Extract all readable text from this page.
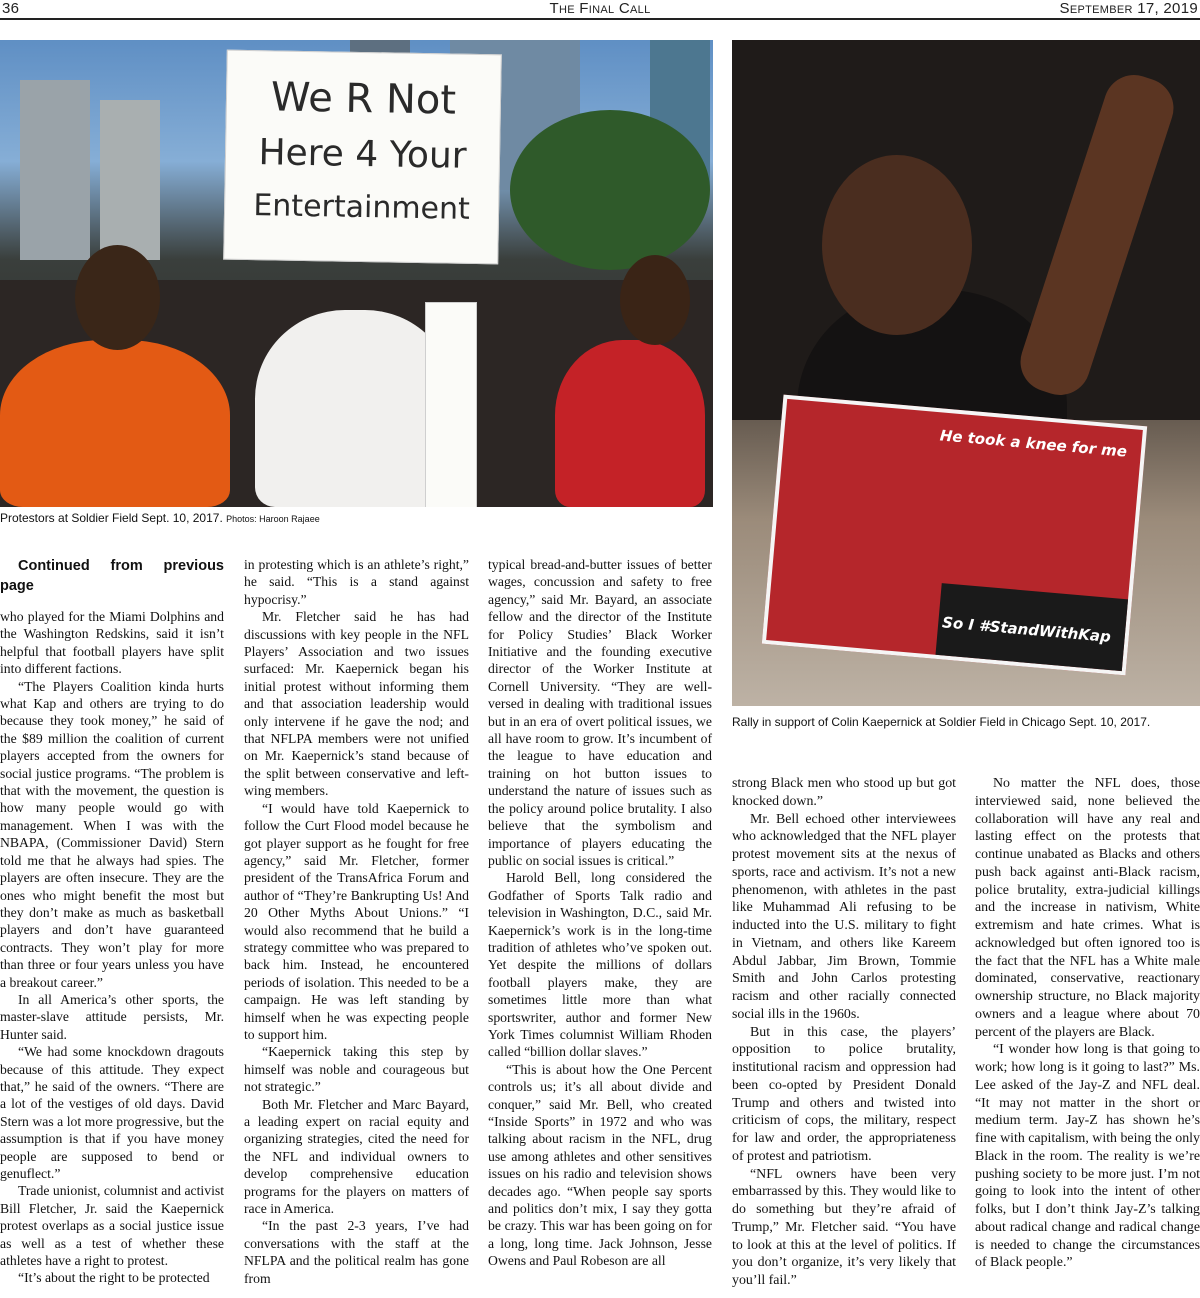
36	The Final Call	September 17, 2019
We R Not
Here 4 Your
Entertainment
Protestors at Soldier Field Sept. 10, 2017. Photos: Haroon Rajaee
He took a knee for me
So I #StandWithKap
Rally in support of Colin Kaepernick at Soldier Field in Chicago Sept. 10, 2017.

Continued from previous page

who played for the Miami Dolphins and the Washington Redskins, said it isn’t helpful that football players have split into different factions.

“The Players Coalition kinda hurts what Kap and others are trying to do because they took money,” he said of the $89 million the coalition of current players accepted from the owners for social justice programs. “The problem is that with the movement, the question is how many people would go with management. When I was with the NBAPA, (Commissioner David) Stern told me that he always had spies. The players are often insecure. They are the ones who might benefit the most but they don’t make as much as basketball players and don’t have guaranteed contracts. They won’t play for more than three or four years unless you have a breakout career.”

In all America’s other sports, the master-slave attitude persists, Mr. Hunter said.

“We had some knockdown dragouts because of this attitude. They expect that,” he said of the owners. “There are a lot of the vestiges of old days. David Stern was a lot more progressive, but the assumption is that if you have money people are supposed to bend or genuflect.”

Trade unionist, columnist and activist Bill Fletcher, Jr. said the Kaepernick protest overlaps as a social justice issue as well as a test of whether these athletes have a right to protest.

“It’s about the right to be protected

in protesting which is an athlete’s right,” he said. “This is a stand against hypocrisy.”

Mr. Fletcher said he has had discussions with key people in the NFL Players’ Association and two issues surfaced: Mr. Kaepernick began his initial protest without informing them and that association leadership would only intervene if he gave the nod; and that NFLPA members were not unified on Mr. Kaepernick’s stand because of the split between conservative and left-wing members.

“I would have told Kaepernick to follow the Curt Flood model because he got player support as he fought for free agency,” said Mr. Fletcher, former president of the TransAfrica Forum and author of “They’re Bankrupting Us! And 20 Other Myths About Unions.” “I would also recommend that he build a strategy committee who was prepared to back him. Instead, he encountered periods of isolation. This needed to be a campaign. He was left standing by himself when he was expecting people to support him.

“Kaepernick taking this step by himself was noble and courageous but not strategic.”

Both Mr. Fletcher and Marc Bayard, a leading expert on racial equity and organizing strategies, cited the need for the NFL and individual owners to develop comprehensive education programs for the players on matters of race in America.

“In the past 2-3 years, I’ve had conversations with the staff at the NFLPA and the political realm has gone from

typical bread-and-butter issues of better wages, concussion and safety to free agency,” said Mr. Bayard, an associate fellow and the director of the Institute for Policy Studies’ Black Worker Initiative and the founding executive director of the Worker Institute at Cornell University. “They are well-versed in dealing with traditional issues but in an era of overt political issues, we all have room to grow. It’s incumbent of the league to have education and training on hot button issues to understand the nature of issues such as the policy around police brutality. I also believe that the symbolism and importance of players educating the public on social issues is critical.”

Harold Bell, long considered the Godfather of Sports Talk radio and television in Washington, D.C., said Mr. Kaepernick’s work is in the long-time tradition of athletes who’ve spoken out. Yet despite the millions of dollars football players make, they are sometimes little more than what sportswriter, author and former New York Times columnist William Rhoden called “billion dollar slaves.”

“This is about how the One Percent controls us; it’s all about divide and conquer,” said Mr. Bell, who created “Inside Sports” in 1972 and who was talking about racism in the NFL, drug use among athletes and other sensitives issues on his radio and television shows decades ago. “When people say sports and politics don’t mix, I say they gotta be crazy. This war has been going on for a long, long time. Jack Johnson, Jesse Owens and Paul Robeson are all

strong Black men who stood up but got knocked down.”

Mr. Bell echoed other interviewees who acknowledged that the NFL player protest movement sits at the nexus of sports, race and activism. It’s not a new phenomenon, with athletes in the past like Muhammad Ali refusing to be inducted into the U.S. military to fight in Vietnam, and others like Kareem Abdul Jabbar, Jim Brown, Tommie Smith and John Carlos protesting racism and other racially connected social ills in the 1960s.

But in this case, the players’ opposition to police brutality, institutional racism and oppression had been co-opted by President Donald Trump and others and twisted into criticism of cops, the military, respect for law and order, the appropriateness of protest and patriotism.

“NFL owners have been very embarrassed by this. They would like to do something but they’re afraid of Trump,” Mr. Fletcher said. “You have to look at this at the level of politics. If you don’t organize, it’s very likely that you’ll fail.”

No matter the NFL does, those interviewed said, none believed the collaboration will have any real and lasting effect on the protests that continue unabated as Blacks and others push back against anti-Black racism, police brutality, extra-judicial killings and the increase in nativism, White extremism and hate crimes. What is acknowledged but often ignored too is the fact that the NFL has a White male dominated, conservative, reactionary ownership structure, no Black majority owners and a league where about 70 percent of the players are Black.

“I wonder how long is that going to work; how long is it going to last?” Ms. Lee asked of the Jay-Z and NFL deal. “It may not matter in the short or medium term. Jay-Z has shown he’s fine with capitalism, with being the only Black in the room. The reality is we’re pushing society to be more just. I’m not going to look into the intent of other folks, but I don’t think Jay-Z’s talking about radical change and radical change is needed to change the circumstances of Black people.”
